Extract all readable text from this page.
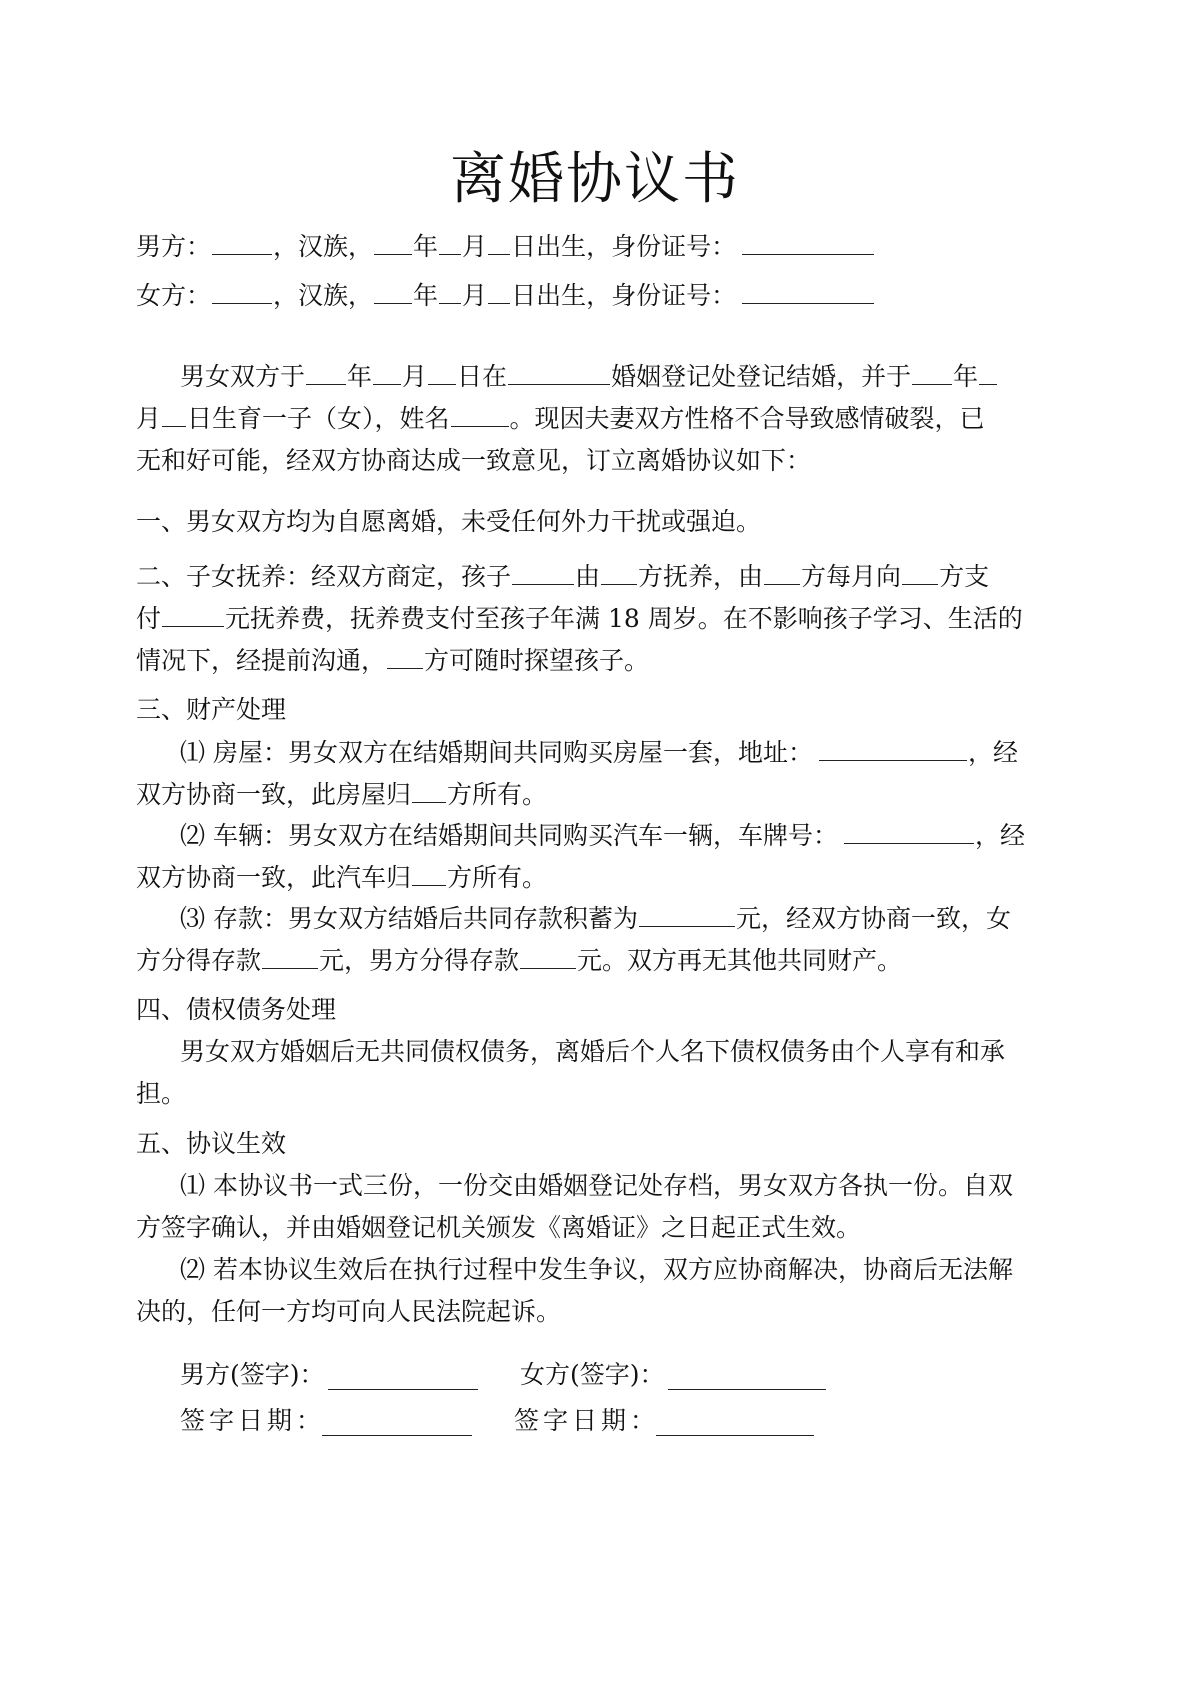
离婚协议书
男方： ，汉族， 年 月 日出生，身份证号：
女方： ，汉族， 年 月 日出生，身份证号：
男女双方于 年 月 日在	婚姻登记处登记结婚，并于 年
月 日生育一子（女），姓名 。现因夫妻双方性格不合导致感情破裂，已
无和好可能，经双方协商达成一致意见，订立离婚协议如下：
一、男女双方均为自愿离婚，未受任何外力干扰或强迫。
二、子女抚养：经双方商定，孩子	由 方抚养，由 方每月向 方支
付	元抚养费，抚养费支付至孩子年满 18 周岁。在不影响孩子学习、生活的
情况下，经提前沟通， 方可随时探望孩子。
三、财产处理
⑴ 房屋：男女双方在结婚期间共同购买房屋一套，地址：	，经
双方协商一致，此房屋归 方所有。
⑵ 车辆：男女双方在结婚期间共同购买汽车一辆，车牌号：	，经
双方协商一致，此汽车归 方所有。
⑶ 存款：男女双方结婚后共同存款积蓄为	元，经双方协商一致，女
方分得存款 元，男方分得存款 元。双方再无其他共同财产。
四、债权债务处理
男女双方婚姻后无共同债权债务，离婚后个人名下债权债务由个人享有和承
担。
五、协议生效
⑴ 本协议书一式三份，一份交由婚姻登记处存档，男女双方各执一份。自双
方签字确认，并由婚姻登记机关颁发《离婚证》之日起正式生效。
⑵ 若本协议生效后在执行过程中发生争议，双方应协商解决，协商后无法解
决的，任何一方均可向人民法院起诉。
男方(签字)：	女方(签字)：
签字日期：	签字日期：
